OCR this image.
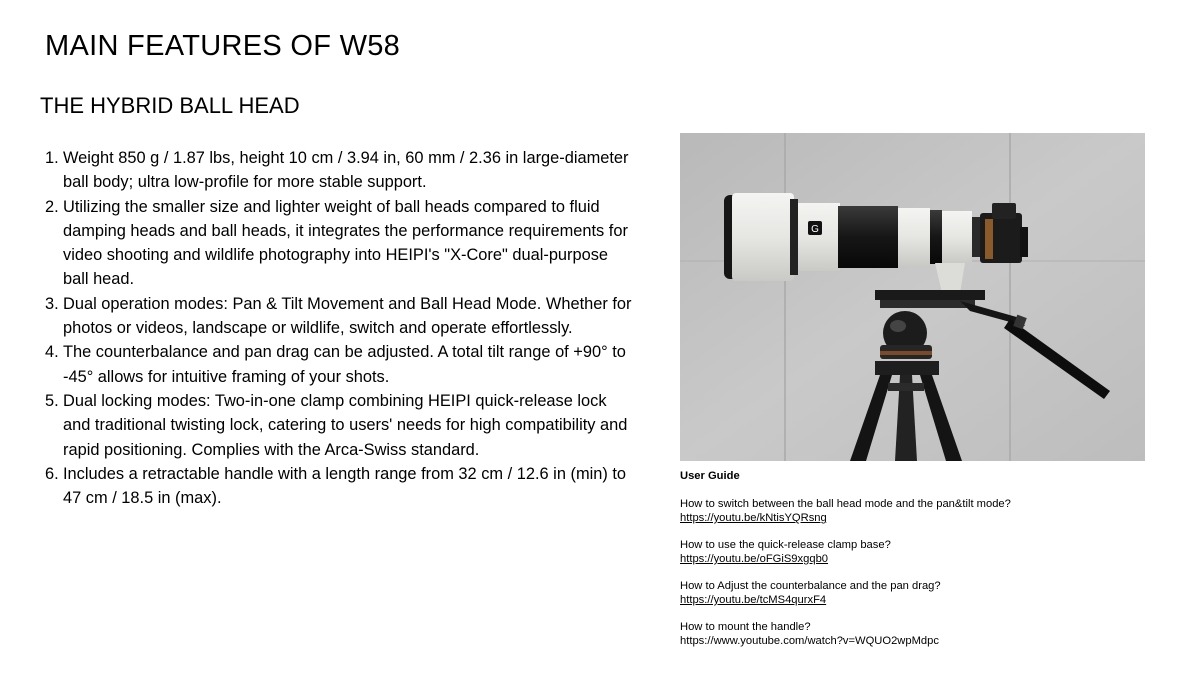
MAIN FEATURES OF W58
THE HYBRID BALL HEAD
1. Weight 850 g / 1.87 lbs, height 10 cm / 3.94 in, 60 mm / 2.36 in large-diameter ball body; ultra low-profile for more stable support.
2. Utilizing the smaller size and lighter weight of ball heads compared to fluid damping heads and ball heads, it integrates the performance requirements for video shooting and wildlife photography into HEIPI's "X-Core" dual-purpose ball head.
3. Dual operation modes: Pan & Tilt Movement and Ball Head Mode. Whether for photos or videos, landscape or wildlife, switch and operate effortlessly.
4. The counterbalance and pan drag can be adjusted. A total tilt range of +90° to -45° allows for intuitive framing of your shots.
5. Dual locking modes: Two-in-one clamp combining HEIPI quick-release lock and traditional twisting lock, catering to users' needs for high compatibility and rapid positioning. Complies with the Arca-Swiss standard.
6. Includes a retractable handle with a length range from 32 cm / 12.6 in (min) to 47 cm / 18.5 in (max).
G
User Guide
How to switch between the ball head mode and the pan&tilt mode?
https://youtu.be/kNtisYQRsng
How to use the quick-release clamp base?
https://youtu.be/oFGiS9xgqb0
How to Adjust the counterbalance and the pan drag?
https://youtu.be/tcMS4qurxF4
How to mount the handle?
https://www.youtube.com/watch?v=WQUO2wpMdpc
